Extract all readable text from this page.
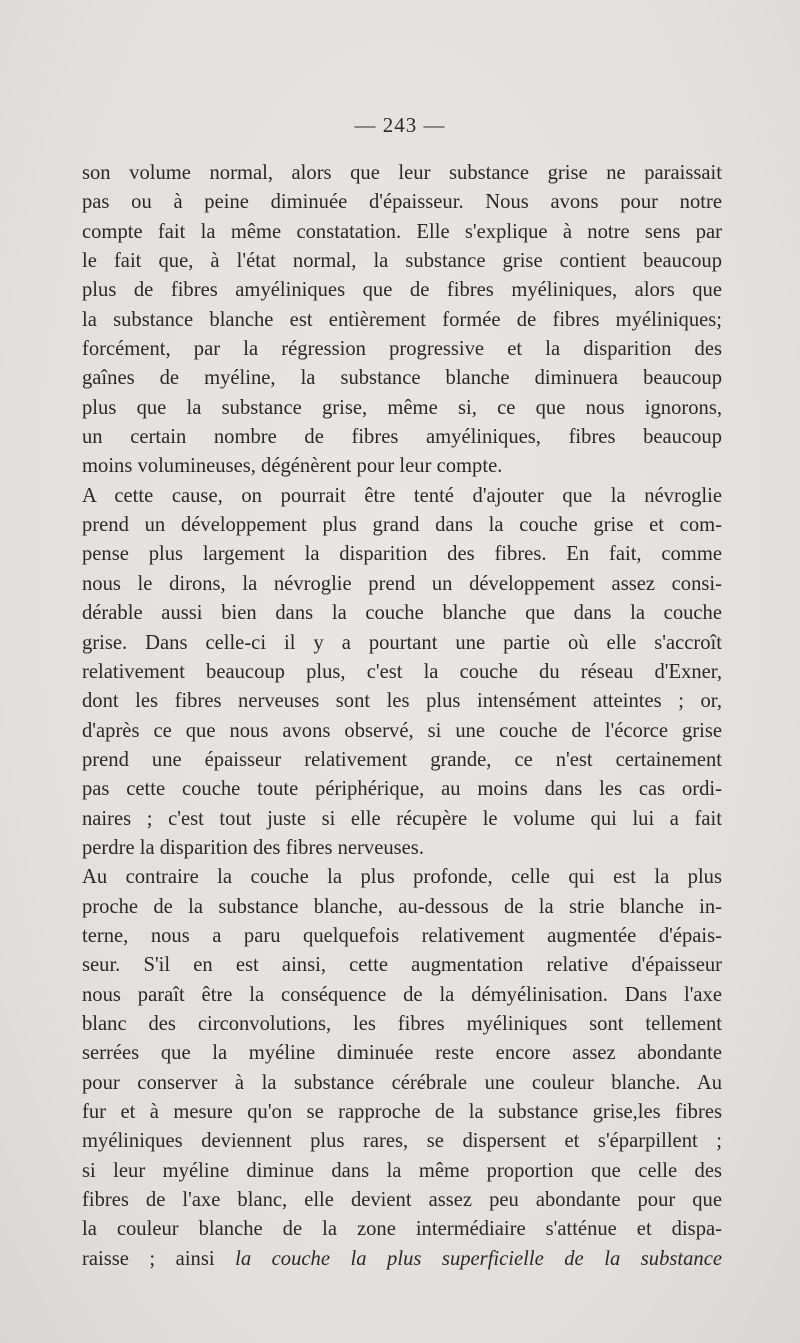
— 243 —
son volume normal, alors que leur substance grise ne paraissait
pas ou à peine diminuée d'épaisseur. Nous avons pour notre
compte fait la même constatation. Elle s'explique à notre sens par
le fait que, à l'état normal, la substance grise contient beaucoup
plus de fibres amyéliniques que de fibres myéliniques, alors que
la substance blanche est entièrement formée de fibres myéliniques;
forcément, par la régression progressive et la disparition des
gaînes de myéline, la substance blanche diminuera beaucoup
plus que la substance grise, même si, ce que nous ignorons,
un certain nombre de fibres amyéliniques, fibres beaucoup
moins volumineuses, dégénèrent pour leur compte.
A cette cause, on pourrait être tenté d'ajouter que la névroglie
prend un développement plus grand dans la couche grise et com-
pense plus largement la disparition des fibres. En fait, comme
nous le dirons, la névroglie prend un développement assez consi-
dérable aussi bien dans la couche blanche que dans la couche
grise. Dans celle-ci il y a pourtant une partie où elle s'accroît
relativement beaucoup plus, c'est la couche du réseau d'Exner,
dont les fibres nerveuses sont les plus intensément atteintes ; or,
d'après ce que nous avons observé, si une couche de l'écorce grise
prend une épaisseur relativement grande, ce n'est certainement
pas cette couche toute périphérique, au moins dans les cas ordi-
naires ; c'est tout juste si elle récupère le volume qui lui a fait
perdre la disparition des fibres nerveuses.
Au contraire la couche la plus profonde, celle qui est la plus
proche de la substance blanche, au-dessous de la strie blanche in-
terne, nous a paru quelquefois relativement augmentée d'épais-
seur. S'il en est ainsi, cette augmentation relative d'épaisseur
nous paraît être la conséquence de la démyélinisation. Dans l'axe
blanc des circonvolutions, les fibres myéliniques sont tellement
serrées que la myéline diminuée reste encore assez abondante
pour conserver à la substance cérébrale une couleur blanche. Au
fur et à mesure qu'on se rapproche de la substance grise,les fibres
myéliniques deviennent plus rares, se dispersent et s'éparpillent ;
si leur myéline diminue dans la même proportion que celle des
fibres de l'axe blanc, elle devient assez peu abondante pour que
la couleur blanche de la zone intermédiaire s'atténue et dispa-
raisse ; ainsi la couche la plus superficielle de la substance
